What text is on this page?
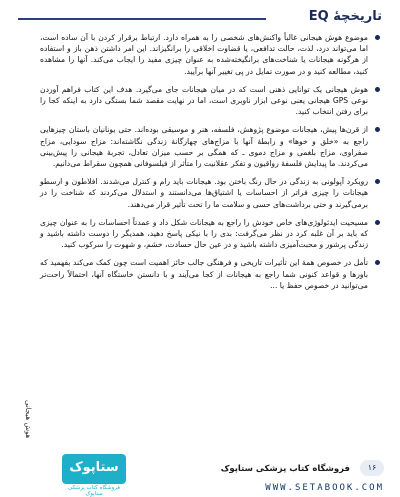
تاریخچهٔ EQ

موضوع هوش هیجانی غالباً واکنش‌های شخصی را به همراه دارد. ارتباط برقرار کردن با آن ساده است، اما می‌تواند درد، لذت، حالت تدافعی، یا قضاوت اخلاقی را برانگیزاند. این امر داشتن ذهن باز و استفاده از هرگونه هیجانات یا شناخت‌های برانگیخته‌شده به عنوان چیزی مفید را ایجاب می‌کند. آنها را مشاهده کنید، مطالعه کنید و در صورت تمایل در پی تغییر آنها برآیید.

هوش هیجانی یک توانایی ذهنی است که در میان هیجانات جای می‌گیرد. هدف این کتاب فراهم آوردن نوعی GPS هیجانی یعنی نوعی ابزار ناوبری است، اما در نهایت مقصد شما بستگی دارد به اینکه کجا را برای رفتن انتخاب کنید.

از قرن‌ها پیش، هیجانات موضوع پژوهش، فلسفه، هنر و موسیقی بوده‌اند. حتی یونانیان باستان چیزهایی راجع به «خلق و خوها» و رابطهٔ آنها با مزاج‌های چهارگانهٔ زندگی نگاشته‌اند: مزاج سودایی، مزاج صفراوی، مزاج بلغمی و مزاج دموی ـ که همگی بر حسب میزان تعادل، تجربهٔ هیجانی را پیش‌بینی می‌کردند. ما پیدایش فلسفهٔ رواقیون و تفکر عقلانیت را متأثر از فیلسوفانی همچون سقراط می‌دانیم.

رویکرد آپولونی به زندگی در حال رنگ باختن بود. هیجانات باید رام و کنترل می‌شدند. افلاطون و ارسطو هیجانات را چیزی فراتر از احساسات یا اشتیاق‌ها می‌دانستند و استدلال می‌کردند که شناخت را در برمی‌گیرند و حتی برداشت‌های حسی و سلامت ما را تحت تأثیر قرار می‌دهند.

مسیحیت ایدئولوژی‌های خاص خودش را راجع به هیجانات شکل داد و عمدتاً احساسات را به عنوان چیزی که باید بر آن غلبه کرد در نظر می‌گرفت: بدی را با نیکی پاسخ دهید، همدیگر را دوست داشته باشید و زندگی پرشور و محبت‌آمیزی داشته باشید و در عین حال حسادت، خشم، و شهوت را سرکوب کنید.

تأمل در خصوص همهٔ این تأثیرات تاریخی و فرهنگی جالب حائز اهمیت است چون کمک می‌کند بفهمید که باورها و قواعد کنونی شما راجع به هیجانات از کجا می‌آیند و با دانستن خاستگاه آنها، احتمالاً راحت‌تر می‌توانید در خصوص حفظ یا ...

هوش هیجانی
ستاپوک
فروشگاه کتاب پزشکی ستاپوک
فروشگاه کتاب پزشکی ستاپوک	۱۶
WWW.SETABOOK.COM
